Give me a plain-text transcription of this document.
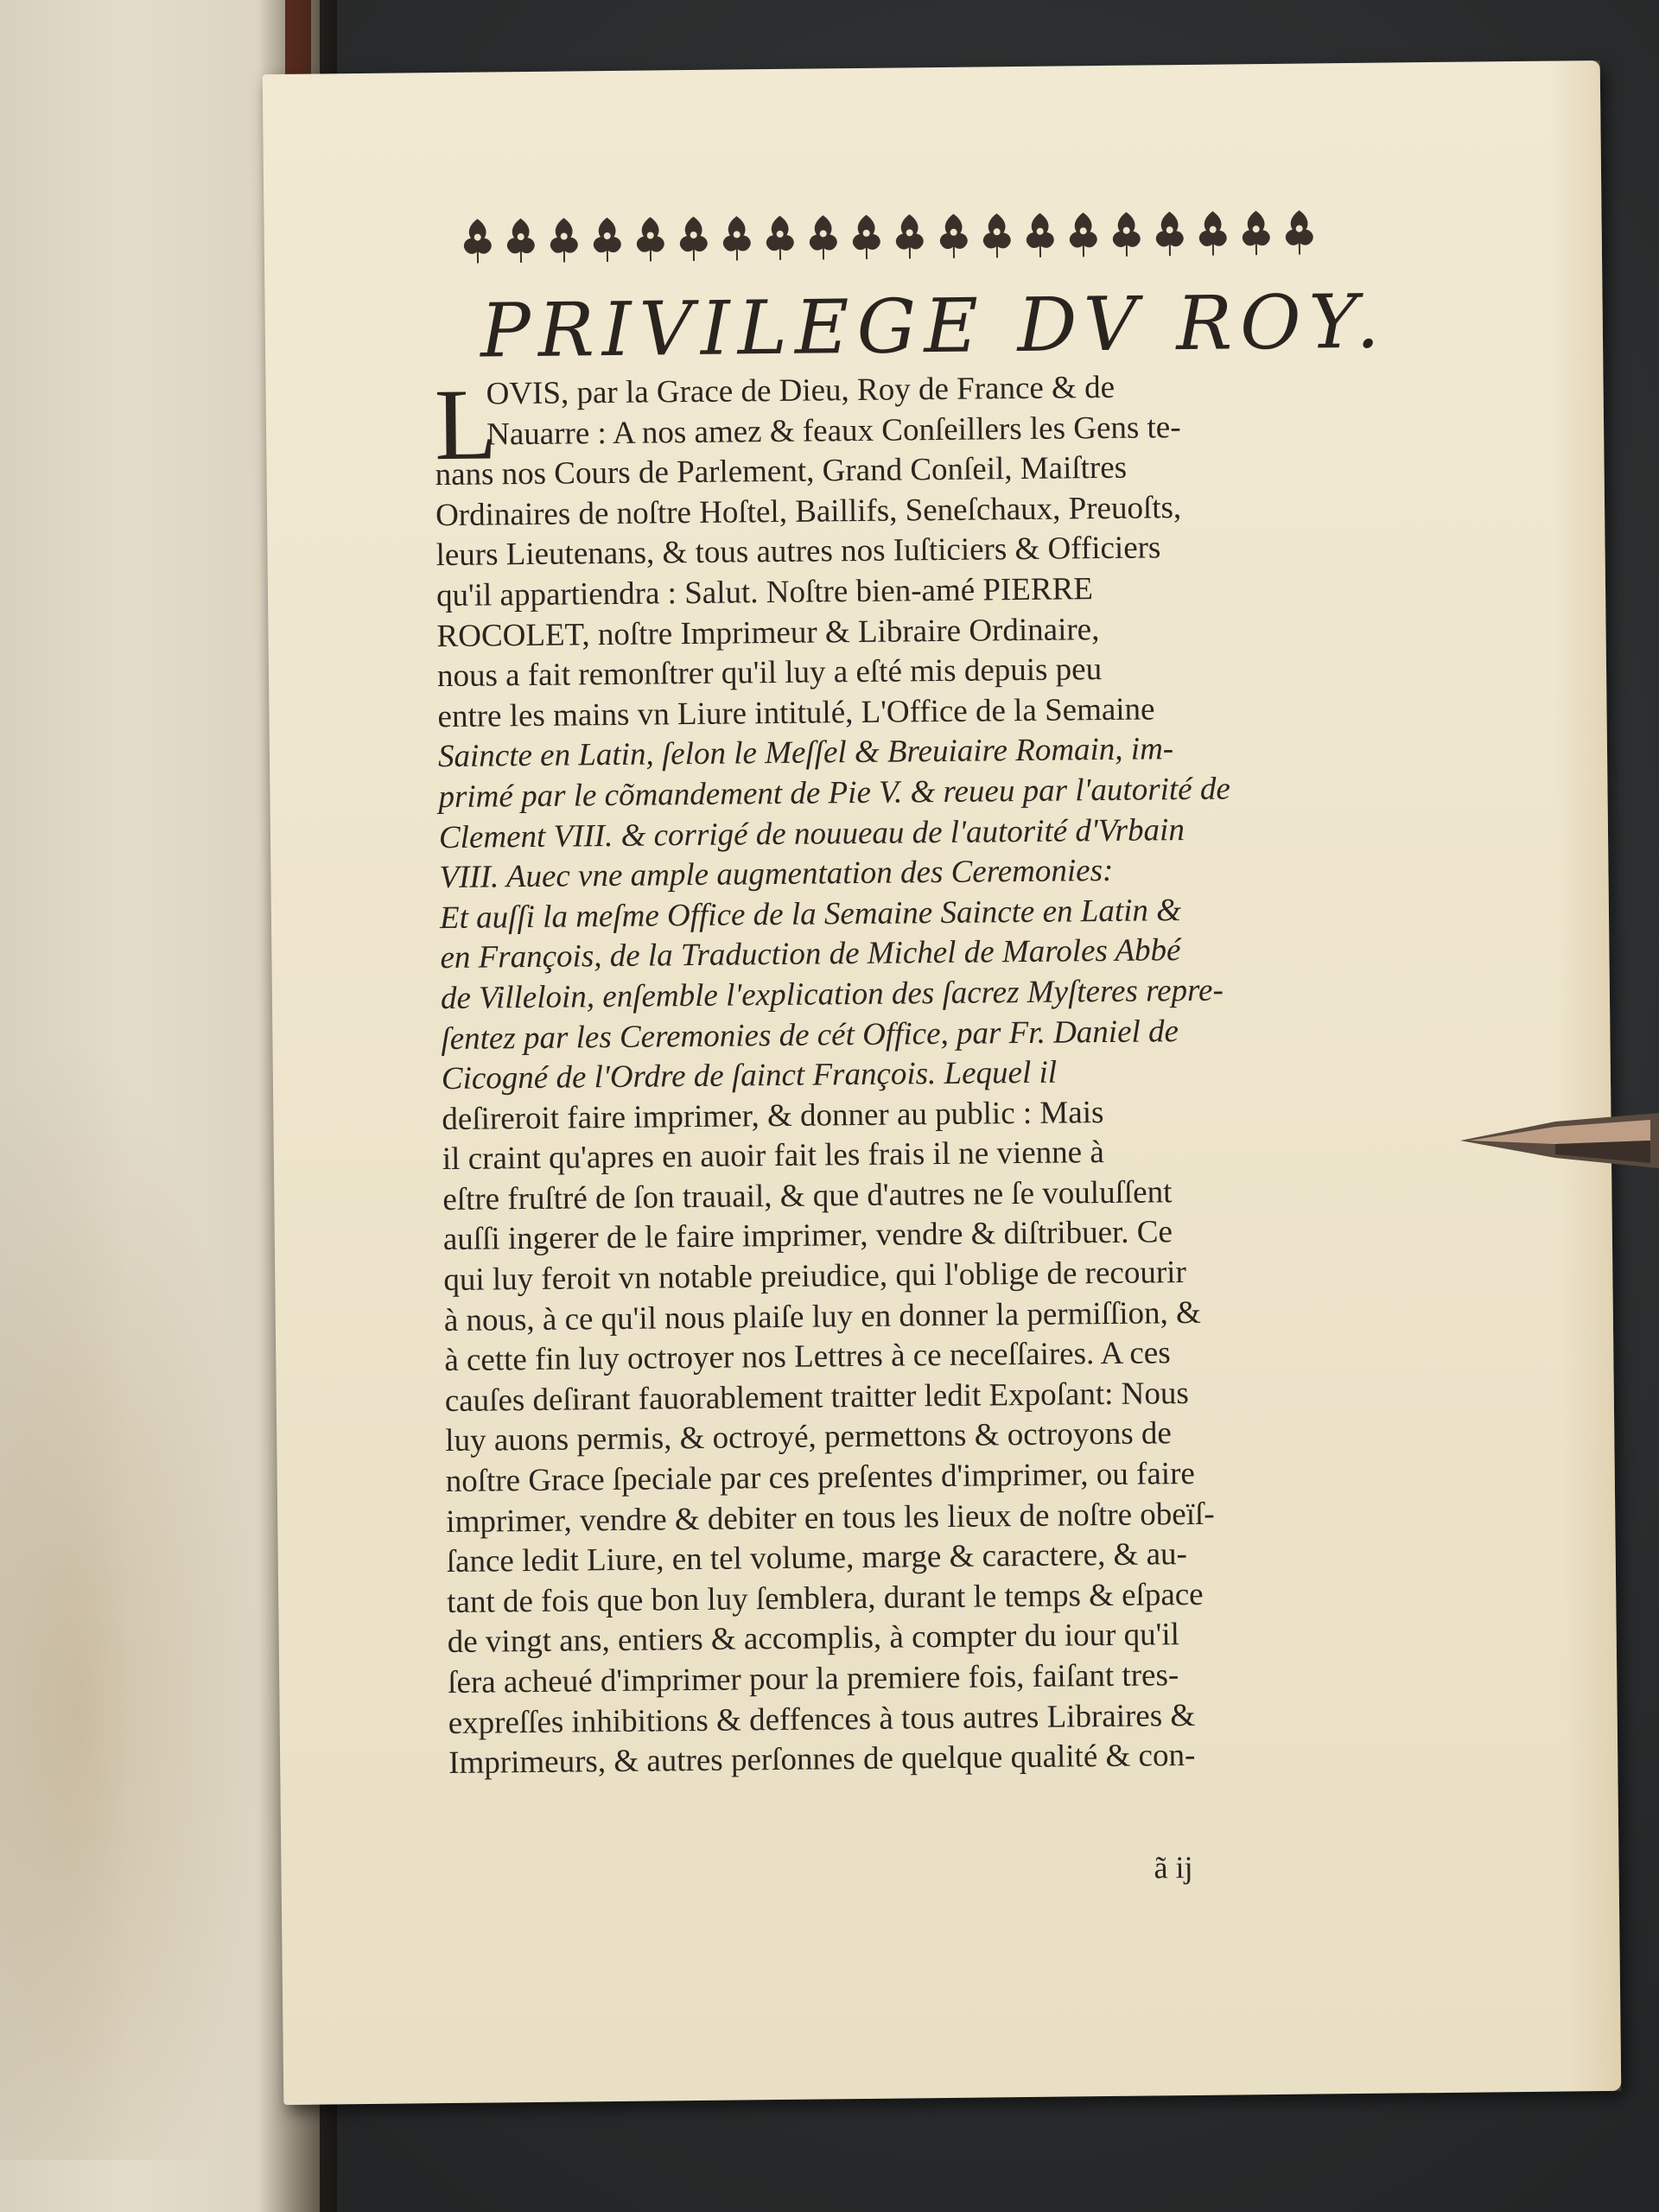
PRIVILEGE DV ROY.
L
OVIS, par la Grace de Dieu, Roy de France & de
Nauarre : A nos amez & feaux Conſeillers les Gens te-
nans nos Cours de Parlement, Grand Conſeil, Maiſtres
Ordinaires de noſtre Hoſtel, Baillifs, Seneſchaux, Preuoſts,
leurs Lieutenans, & tous autres nos Iuſticiers & Officiers
qu'il appartiendra : Salut. Noſtre bien-amé PIERRE
ROCOLET, noſtre Imprimeur & Libraire Ordinaire,
nous a fait remonſtrer qu'il luy a eſté mis depuis peu
entre les mains vn Liure intitulé, L'Office de la Semaine
Saincte en Latin, ſelon le Meſſel & Breuiaire Romain, im-
primé par le cõmandement de Pie V. & reueu par l'autorité de
Clement VIII. & corrigé de nouueau de l'autorité d'Vrbain
VIII. Auec vne ample augmentation des Ceremonies:
Et auſſi la meſme Office de la Semaine Saincte en Latin &
en François, de la Traduction de Michel de Maroles Abbé
de Villeloin, enſemble l'explication des ſacrez Myſteres repre-
ſentez par les Ceremonies de cét Office, par Fr. Daniel de
Cicogné de l'Ordre de ſainct François. Lequel il
deſireroit faire imprimer, & donner au public : Mais
il craint qu'apres en auoir fait les frais il ne vienne à
eſtre fruſtré de ſon trauail, & que d'autres ne ſe vouluſſent
auſſi ingerer de le faire imprimer, vendre & diſtribuer. Ce
qui luy feroit vn notable preiudice, qui l'oblige de recourir
à nous, à ce qu'il nous plaiſe luy en donner la permiſſion, &
à cette fin luy octroyer nos Lettres à ce neceſſaires. A ces
cauſes deſirant fauorablement traitter ledit Expoſant: Nous
luy auons permis, & octroyé, permettons & octroyons de
noſtre Grace ſpeciale par ces preſentes d'imprimer, ou faire
imprimer, vendre & debiter en tous les lieux de noſtre obeïſ-
ſance ledit Liure, en tel volume, marge & caractere, & au-
tant de fois que bon luy ſemblera, durant le temps & eſpace
de vingt ans, entiers & accomplis, à compter du iour qu'il
ſera acheué d'imprimer pour la premiere fois, faiſant tres-
expreſſes inhibitions & deffences à tous autres Libraires &
Imprimeurs, & autres perſonnes de quelque qualité & con-
ã ij
